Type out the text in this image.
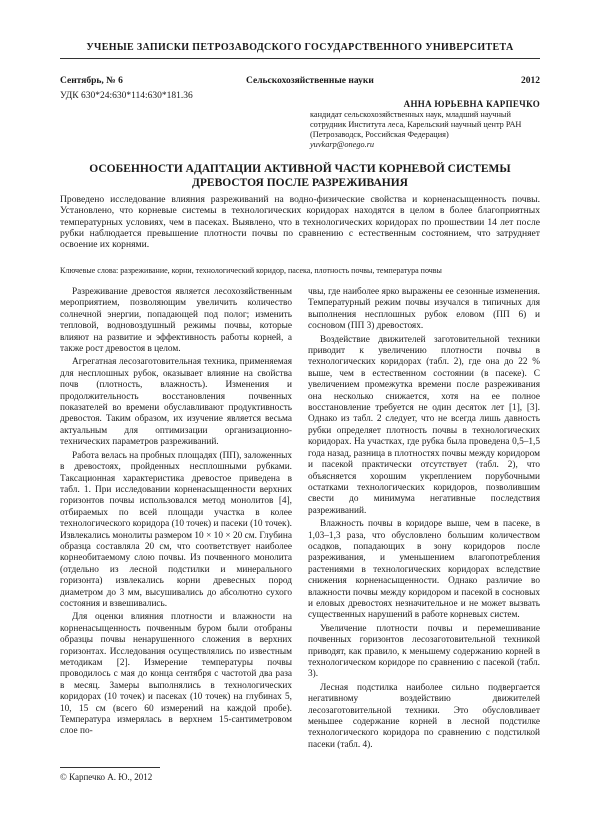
УЧЕНЫЕ ЗАПИСКИ ПЕТРОЗАВОДСКОГО ГОСУДАРСТВЕННОГО УНИВЕРСИТЕТА
Сентябрь, № 6	Сельскохозяйственные науки	2012
УДК 630*24:630*114:630*181.36
АННА ЮРЬЕВНА КАРПЕЧКО
кандидат сельскохозяйственных наук, младший научный сотрудник Института леса, Карельский научный центр РАН (Петрозаводск, Российская Федерация)
yuvkarp@onego.ru
ОСОБЕННОСТИ АДАПТАЦИИ АКТИВНОЙ ЧАСТИ КОРНЕВОЙ СИСТЕМЫ ДРЕВОСТОЯ ПОСЛЕ РАЗРЕЖИВАНИЯ
Проведено исследование влияния разреживаний на водно-физические свойства и корненасыщенность почвы. Установлено, что корневые системы в технологических коридорах находятся в целом в более благоприятных температурных условиях, чем в пасеках. Выявлено, что в технологических коридорах по прошествии 14 лет после рубки наблюдается превышение плотности почвы по сравнению с естественным состоянием, что затрудняет освоение их корнями.
Ключевые слова: разреживание, корни, технологический коридор, пасека, плотность почвы, температура почвы

Разреживание древостоя является лесохозяйственным мероприятием, позволяющим увеличить количество солнечной энергии, попадающей под полог; изменить тепловой, водновоздушный режимы почвы, которые влияют на развитие и эффективность работы корней, а также рост древостоя в целом.

Агрегатная лесозаготовительная техника, применяемая для несплошных рубок, оказывает влияние на свойства почв (плотность, влажность). Изменения и продолжительность восстановления почвенных показателей во времени обуславливают продуктивность древостоя. Таким образом, их изучение является весьма актуальным для оптимизации организационно-технических параметров разреживаний.

Работа велась на пробных площадях (ПП), заложенных в древостоях, пройденных несплошными рубками. Таксационная характеристика древостое приведена в табл. 1. При исследовании корненасыщенности верхних горизонтов почвы использовался метод монолитов [4], отбираемых по всей площади участка в колее технологического коридора (10 точек) и пасеки (10 точек). Извлекались монолиты размером 10 × 10 × 20 см. Глубина образца составляла 20 см, что соответствует наиболее корнеобитаемому слою почвы. Из почвенного монолита (отдельно из лесной подстилки и минерального горизонта) извлекались корни древесных пород диаметром до 3 мм, высушивались до абсолютно сухого состояния и взвешивались.

Для оценки влияния плотности и влажности на корненасыщенность почвенным буром были отобраны образцы почвы ненарушенного сложения в верхних горизонтах. Исследования осуществлялись по известным методикам [2]. Измерение температуры почвы проводилось с мая до конца сентября с частотой два раза в месяц. Замеры выполнялись в технологических коридорах (10 точек) и пасеках (10 точек) на глубинах 5, 10, 15 см (всего 60 измерений на каждой пробе). Температура измерялась в верхнем 15-сантиметровом слое по-

чвы, где наиболее ярко выражены ее сезонные изменения. Температурный режим почвы изучался в типичных для выполнения несплошных рубок еловом (ПП 6) и сосновом (ПП 3) древостоях.

Воздействие движителей заготовительной техники приводит к увеличению плотности почвы в технологических коридорах (табл. 2), где она до 22 % выше, чем в естественном состоянии (в пасеке). С увеличением промежутка времени после разреживания она несколько снижается, хотя на ее полное восстановление требуется не один десяток лет [1], [3]. Однако из табл. 2 следует, что не всегда лишь давность рубки определяет плотность почвы в технологических коридорах. На участках, где рубка была проведена 0,5–1,5 года назад, разница в плотностях почвы между коридором и пасекой практически отсутствует (табл. 2), что объясняется хорошим укреплением порубочными остатками технологических коридоров, позволившим свести до минимума негативные последствия разреживаний.

Влажность почвы в коридоре выше, чем в пасеке, в 1,03–1,3 раза, что обусловлено большим количеством осадков, попадающих в зону коридоров после разреживания, и уменьшением влагопотребления растениями в технологических коридорах вследствие снижения корненасыщенности. Однако различие во влажности почвы между коридором и пасекой в сосновых и еловых древостоях незначительное и не может вызвать существенных нарушений в работе корневых систем.

Увеличение плотности почвы и перемешивание почвенных горизонтов лесозаготовительной техникой приводят, как правило, к меньшему содержанию корней в технологическом коридоре по сравнению с пасекой (табл. 3).

Лесная подстилка наиболее сильно подвергается негативному воздействию движителей лесозаготовительной техники. Это обусловливает меньшее содержание корней в лесной подстилке технологического коридора по сравнению с подстилкой пасеки (табл. 4).

© Карпечко А. Ю., 2012
